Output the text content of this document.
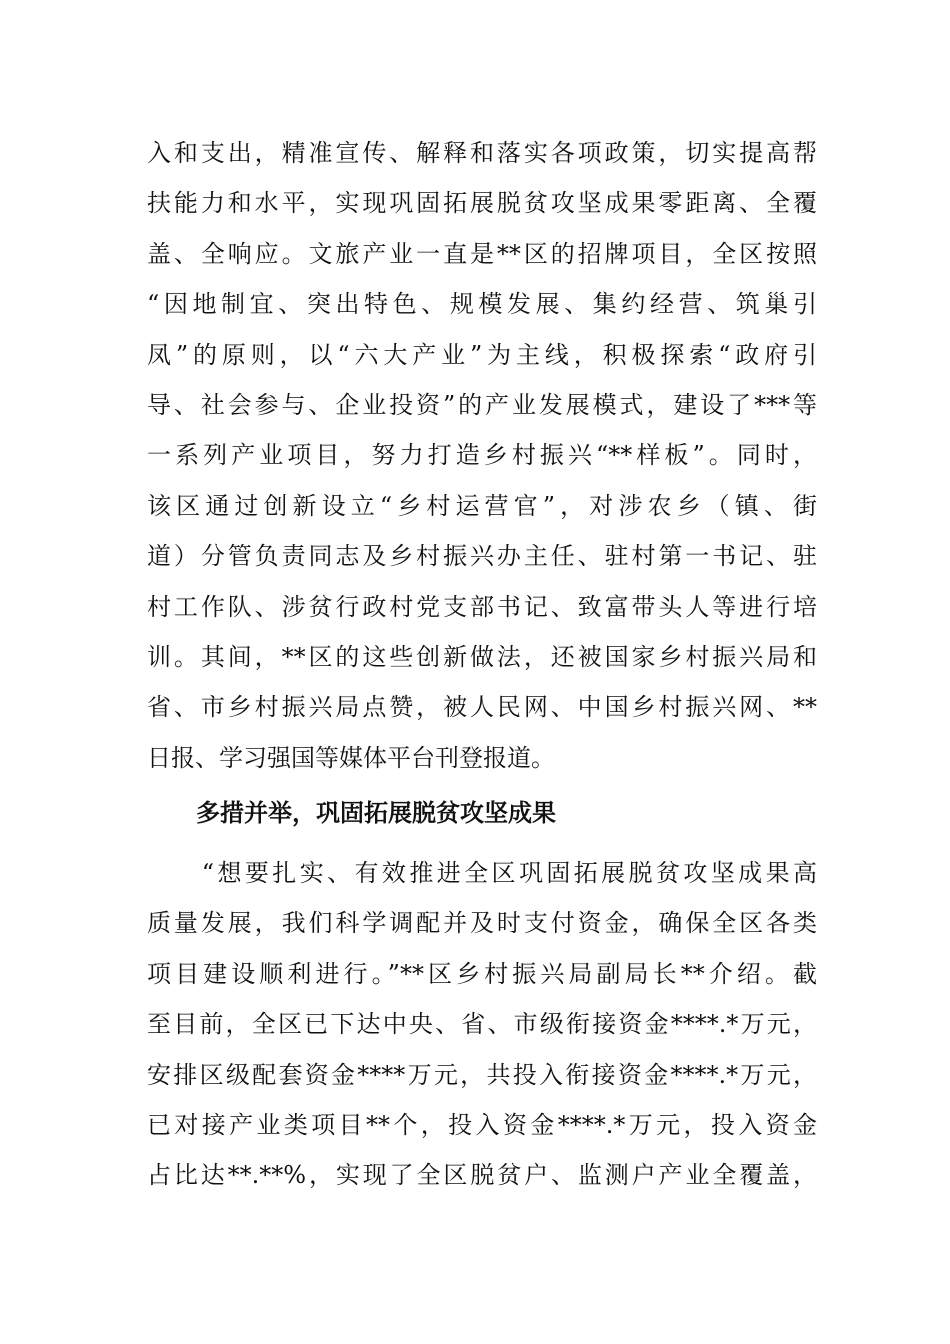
入和支出，精准宣传、解释和落实各项政策，切实提高帮
扶能力和水平，实现巩固拓展脱贫攻坚成果零距离、全覆
盖、全响应。文旅产业一直是**区的招牌项目，全区按照
“因地制宜、突出特色、规模发展、集约经营、筑巢引
凤”的原则，以“六大产业”为主线，积极探索“政府引
导、社会参与、企业投资”的产业发展模式，建设了***等
一系列产业项目，努力打造乡村振兴“**样板”。同时，
该区通过创新设立“乡村运营官”，对涉农乡（镇、街
道）分管负责同志及乡村振兴办主任、驻村第一书记、驻
村工作队、涉贫行政村党支部书记、致富带头人等进行培
训。其间，**区的这些创新做法，还被国家乡村振兴局和
省、市乡村振兴局点赞，被人民网、中国乡村振兴网、**
日报、学习强国等媒体平台刊登报道。
多措并举，巩固拓展脱贫攻坚成果
　　“想要扎实、有效推进全区巩固拓展脱贫攻坚成果高
质量发展，我们科学调配并及时支付资金，确保全区各类
项目建设顺利进行。”**区乡村振兴局副局长**介绍。截
至目前，全区已下达中央、省、市级衔接资金****.*万元，
安排区级配套资金****万元，共投入衔接资金****.*万元，
已对接产业类项目**个，投入资金****.*万元，投入资金
占比达**.**%，实现了全区脱贫户、监测户产业全覆盖，
